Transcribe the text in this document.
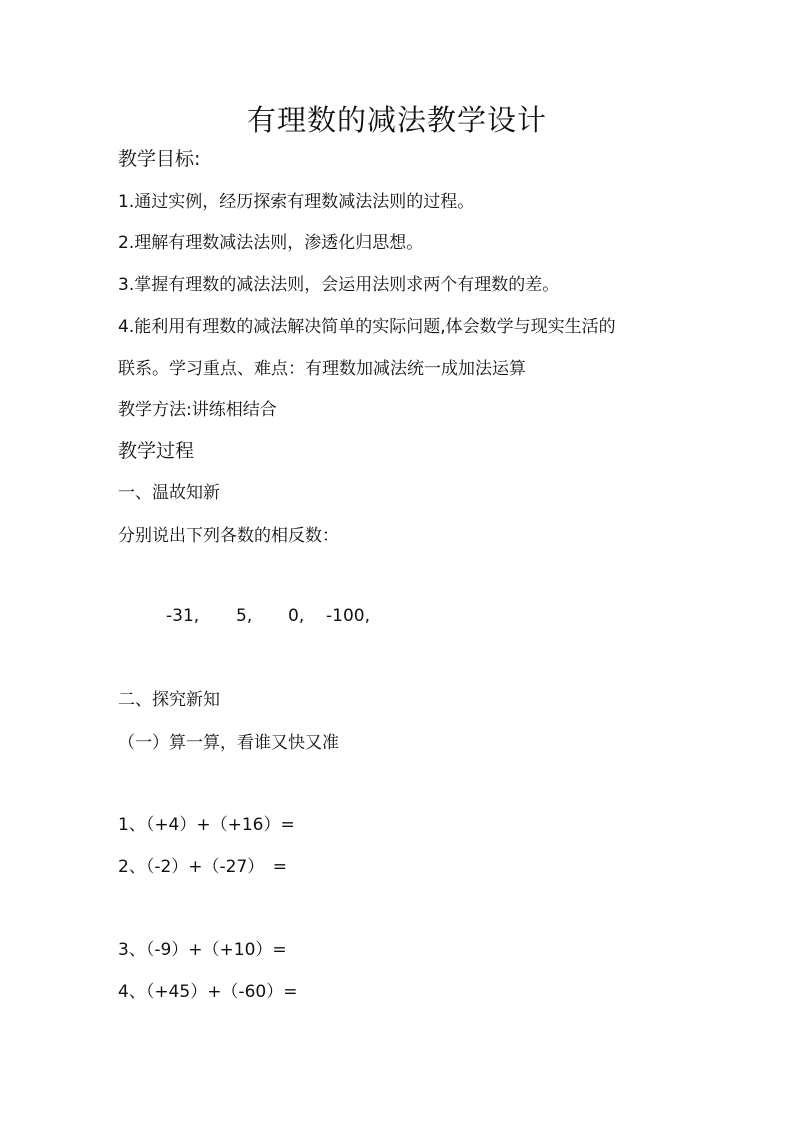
有理数的减法教学设计
教学目标:
1.通过实例，经历探索有理数减法法则的过程。
2.理解有理数减法法则，渗透化归思想。
3.掌握有理数的减法法则，会运用法则求两个有理数的差。
4.能利用有理数的减法解决简单的实际问题,体会数学与现实生活的
联系。学习重点、难点：有理数加减法统一成加法运算
教学方法:讲练相结合
教学过程
一、温故知新
分别说出下列各数的相反数：
-31, 5, 0, -100,
二、探究新知
（一）算一算，看谁又快又准
1、（+4）+（+16）=
2、（-2）+（-27）　=
3、（-9）+（+10）=
4、（+45）+（-60）=
